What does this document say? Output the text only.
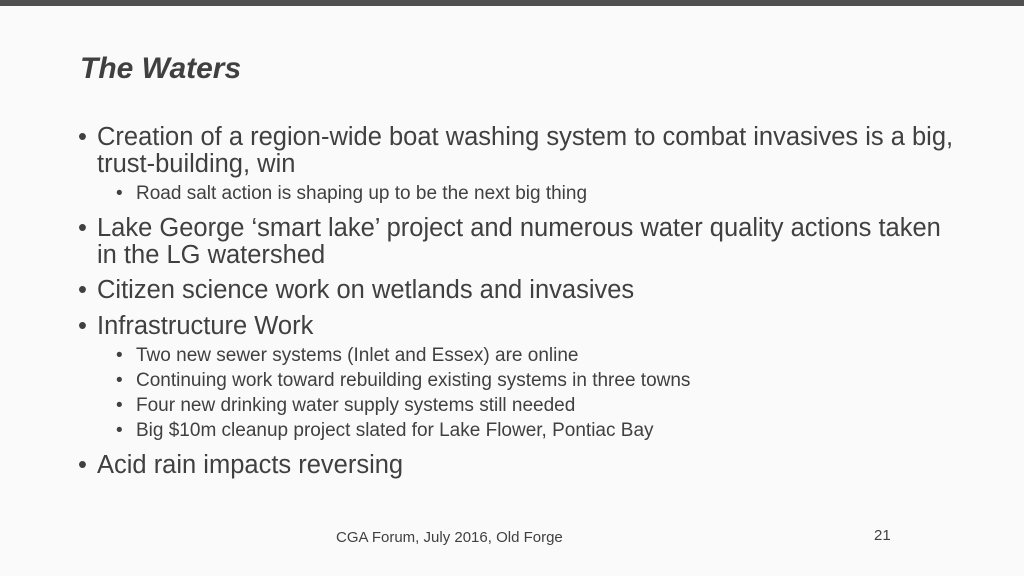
The Waters

• Creation of a region-wide boat washing system to combat invasives is a big, trust-building, win

• Road salt action is shaping up to be the next big thing

• Lake George ‘smart lake’ project and numerous water quality actions taken in the LG watershed

• Citizen science work on wetlands and invasives

• Infrastructure Work

• Two new sewer systems (Inlet and Essex) are online

• Continuing work toward rebuilding existing systems in three towns

• Four new drinking water supply systems still needed

• Big $10m cleanup project slated for Lake Flower, Pontiac Bay

• Acid rain impacts reversing

CGA Forum, July 2016, Old Forge	21
